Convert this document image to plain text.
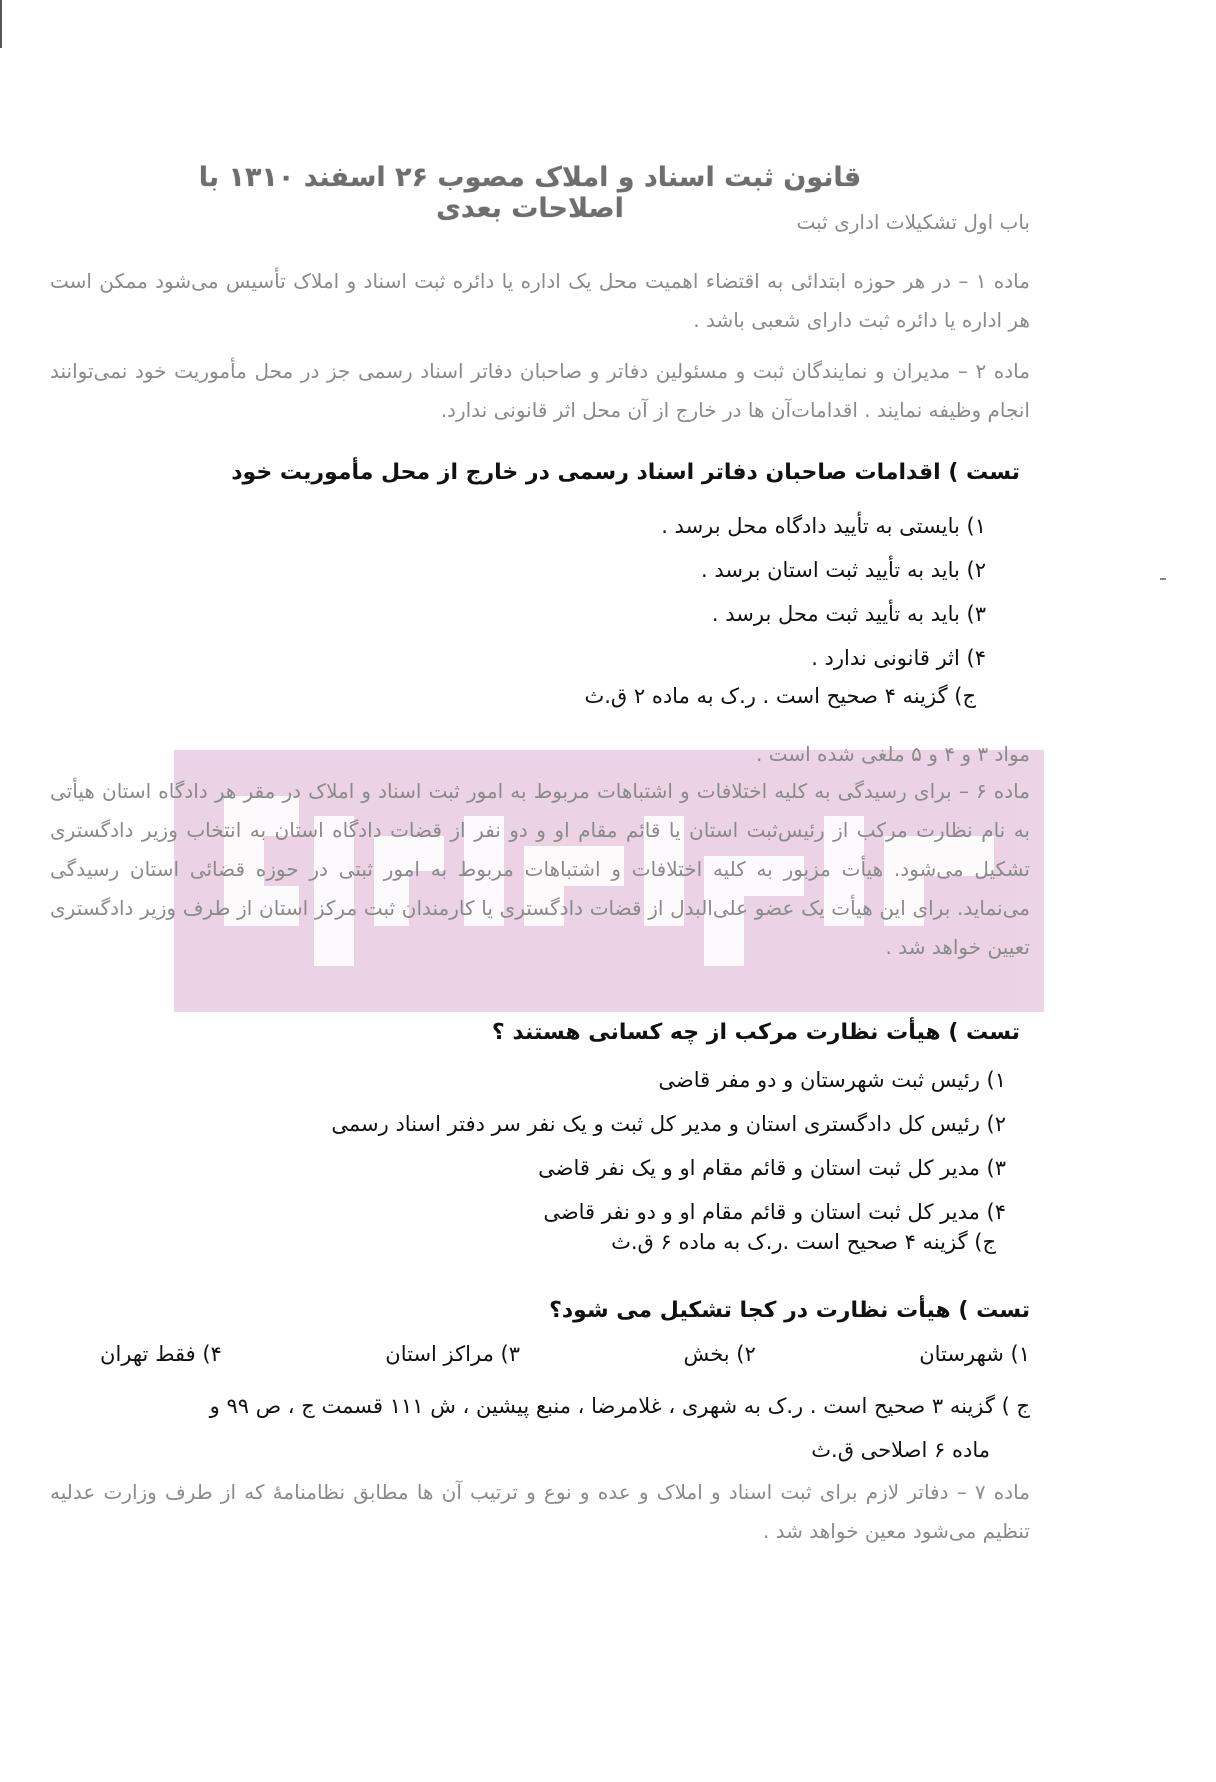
قانون ثبت اسناد و املاک مصوب ۲۶ اسفند ۱۳۱۰ با اصلاحات بعدی	باب اول تشکیلات اداری ثبت
ماده ۱ – در هر حوزه ابتدائی به اقتضاء اهمیت محل یک اداره یا دائره ثبت اسناد و املاک تأسیس می‌شود ممکن است هر اداره یا دائره ثبت دارای شعبی باشد .
ماده ۲ – مدیران و نمایندگان ثبت و مسئولین دفاتر و صاحبان دفاتر اسناد رسمی جز در محل مأموریت خود نمی‌توانند انجام وظیفه نمایند . اقدامات‌آن ها در خارج از آن محل اثر قانونی ندارد.
تست ) اقدامات صاحبان دفاتر اسناد رسمی در خارج از محل مأموریت خود
۱) بایستی به تأیید دادگاه محل برسد .
۲) باید به تأیید ثبت استان برسد .
۳) باید به تأیید ثبت محل برسد .
۴) اثر قانونی ندارد .
ج) گزینه ۴ صحیح است . ر.ک به ماده ۲ ق.ث
مواد ۳ و ۴ و ۵ ملغی شده است .
ماده ۶ – برای رسیدگی به کلیه اختلافات و اشتباهات مربوط به امور ثبت اسناد و املاک در مقر هر دادگاه استان هیأتی به نام نظارت مرکب از رئیس‌ثبت استان یا قائم مقام او و دو نفر از قضات دادگاه استان به انتخاب وزیر دادگستری تشکیل می‌شود. هیأت مزبور به کلیه اختلافات و اشتباهات مربوط به امور ثبتی در حوزه قضائی استان رسیدگی می‌نماید. برای این هیأت یک عضو علی‌البدل از قضات دادگستری یا کارمندان ثبت مرکز استان از طرف وزیر دادگستری تعیین خواهد شد .
تست ) هیأت نظارت مرکب از چه کسانی هستند ؟
۱) رئیس ثبت شهرستان و دو مفر قاضی
۲) رئیس کل دادگستری استان و مدیر کل ثبت و یک نفر سر دفتر اسناد رسمی
۳) مدیر کل ثبت استان و قائم مقام او و یک نفر قاضی
۴) مدیر کل ثبت استان و قائم مقام او و دو نفر قاضی
ج) گزینه ۴ صحیح است .ر.ک به ماده ۶ ق.ث
تست ) هیأت نظارت در کجا تشکیل می شود؟
۱) شهرستان
۲) بخش
۳) مراکز استان
۴) فقط تهران
ج ) گزینه ۳ صحیح است . ر.ک به شهری ، غلامرضا ، منبع پیشین ، ش ۱۱۱ قسمت ج ، ص ۹۹ و
ماده ۶ اصلاحی ق.ث
ماده ۷ – دفاتر لازم برای ثبت اسناد و املاک و عده و نوع و ترتیب آن ها مطابق نظامنامهٔ که از طرف وزارت عدلیه تنظیم می‌شود معین خواهد شد .
